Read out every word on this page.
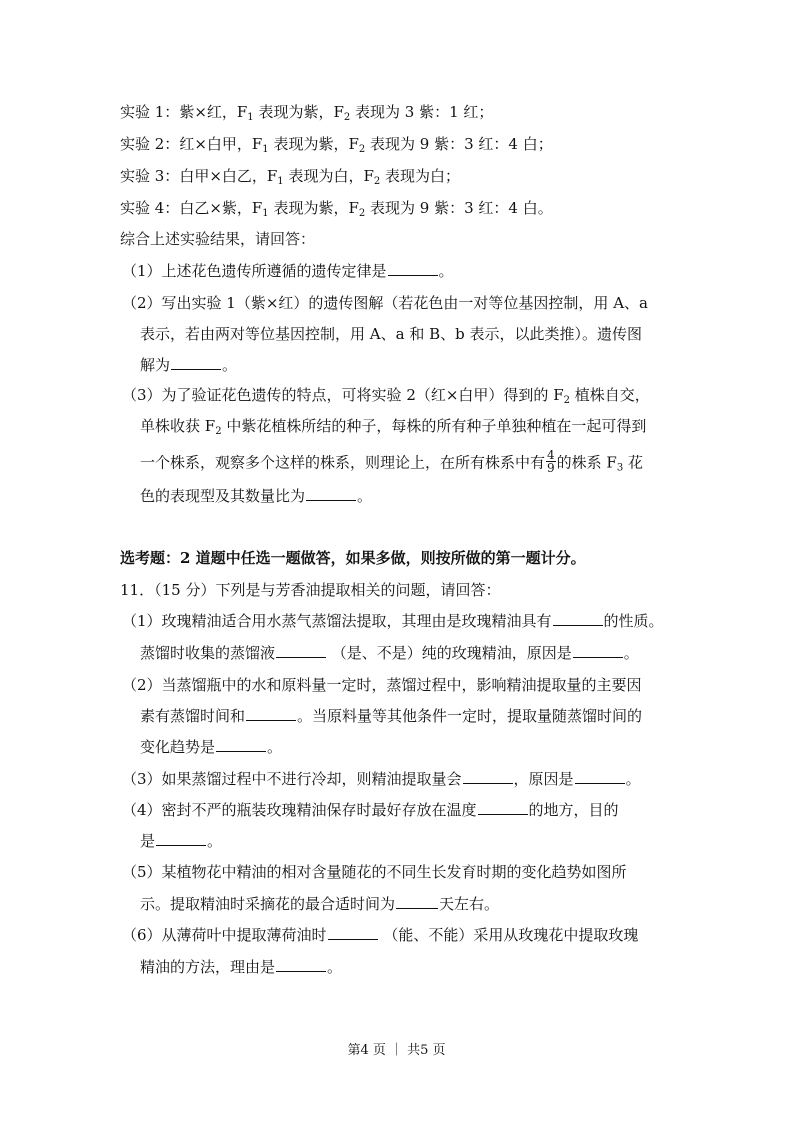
实验 1：紫×红，$F_1$ 表现为紫，$F_2$ 表现为 3 紫：1 红；
实验 2：红×白甲，$F_1$ 表现为紫，$F_2$ 表现为 9 紫：3 红：4 白；
实验 3：白甲×白乙，$F_1$ 表现为白，$F_2$ 表现为白；
实验 4：白乙×紫，$F_1$ 表现为紫，$F_2$ 表现为 9 紫：3 红：4 白。
综合上述实验结果，请回答：
（1）上述花色遗传所遵循的遗传定律是	。
（2）写出实验 1（紫×红）的遗传图解（若花色由一对等位基因控制，用 A、a
表示，若由两对等位基因控制，用 A、a 和 B、b 表示，以此类推）。遗传图
解为	。
（3）为了验证花色遗传的特点，可将实验 2（红×白甲）得到的 $F_2$ 植株自交，
单株收获 $F_2$ 中紫花植株所结的种子，每株的所有种子单独种植在一起可得到
一个株系，观察多个这样的株系，则理论上，在所有株系中有 $\frac{4}{9}$ 的株系 $F_3$ 花
色的表现型及其数量比为	。
选考题：2 道题中任选一题做答，如果多做，则按所做的第一题计分。
11．（15 分）下列是与芳香油提取相关的问题，请回答：
（1）玫瑰精油适合用水蒸气蒸馏法提取，其理由是玫瑰精油具有	的性质。
蒸馏时收集的蒸馏液	（是、不是）纯的玫瑰精油，原因是	。
（2）当蒸馏瓶中的水和原料量一定时，蒸馏过程中，影响精油提取量的主要因
素有蒸馏时间和	。当原料量等其他条件一定时，提取量随蒸馏时间的
变化趋势是	。
（3）如果蒸馏过程中不进行冷却，则精油提取量会	，原因是	。
（4）密封不严的瓶装玫瑰精油保存时最好存放在温度	的地方，目的
是	。
（5）某植物花中精油的相对含量随花的不同生长发育时期的变化趋势如图所
示。提取精油时采摘花的最合适时间为	天左右。
（6）从薄荷叶中提取薄荷油时	（能、不能）采用从玫瑰花中提取玫瑰
精油的方法，理由是	。
第4 页 ｜ 共5 页
